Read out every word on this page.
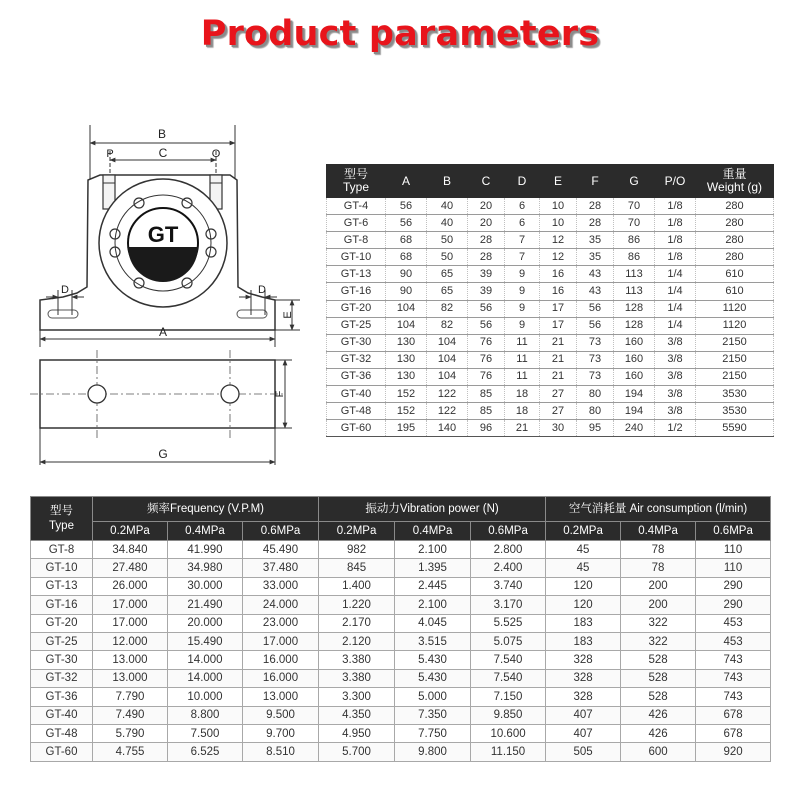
Product parameters
B
C
P	O
GT
D	D
E
A
F
G
型号
Type	A	B	C	D	E	F	G	P/O	重量
Weight (g)
GT-4	56	40	20	6	10	28	70	1/8	280
GT-6	56	40	20	6	10	28	70	1/8	280
GT-8	68	50	28	7	12	35	86	1/8	280
GT-10	68	50	28	7	12	35	86	1/8	280
GT-13	90	65	39	9	16	43	113	1/4	610
GT-16	90	65	39	9	16	43	113	1/4	610
GT-20	104	82	56	9	17	56	128	1/4	1120
GT-25	104	82	56	9	17	56	128	1/4	1120
GT-30	130	104	76	11	21	73	160	3/8	2150
GT-32	130	104	76	11	21	73	160	3/8	2150
GT-36	130	104	76	11	21	73	160	3/8	2150
GT-40	152	122	85	18	27	80	194	3/8	3530
GT-48	152	122	85	18	27	80	194	3/8	3530
GT-60	195	140	96	21	30	95	240	1/2	5590
型号
Type	频率Frequency (V.P.M)			振动力Vibration power (N)			空气消耗量 Air consumption (l/min)		
	0.2MPa	0.4MPa	0.6MPa	0.2MPa	0.4MPa	0.6MPa	0.2MPa	0.4MPa	0.6MPa
GT-8	34.840	41.990	45.490	982	2.100	2.800	45	78	110
GT-10	27.480	34.980	37.480	845	1.395	2.400	45	78	110
GT-13	26.000	30.000	33.000	1.400	2.445	3.740	120	200	290
GT-16	17.000	21.490	24.000	1.220	2.100	3.170	120	200	290
GT-20	17.000	20.000	23.000	2.170	4.045	5.525	183	322	453
GT-25	12.000	15.490	17.000	2.120	3.515	5.075	183	322	453
GT-30	13.000	14.000	16.000	3.380	5.430	7.540	328	528	743
GT-32	13.000	14.000	16.000	3.380	5.430	7.540	328	528	743
GT-36	7.790	10.000	13.000	3.300	5.000	7.150	328	528	743
GT-40	7.490	8.800	9.500	4.350	7.350	9.850	407	426	678
GT-48	5.790	7.500	9.700	4.950	7.750	10.600	407	426	678
GT-60	4.755	6.525	8.510	5.700	9.800	11.150	505	600	920
